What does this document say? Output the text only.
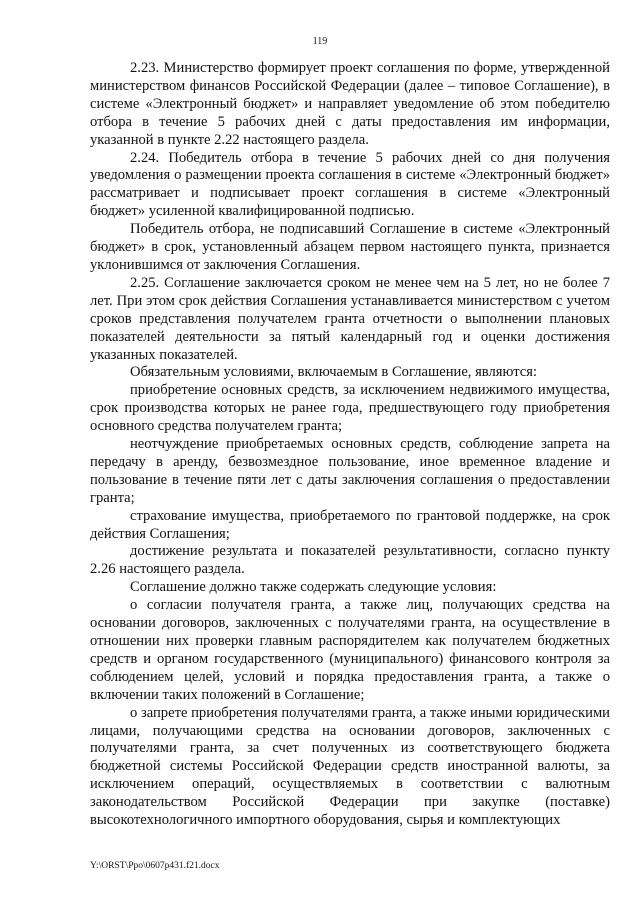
119

2.23. Министерство формирует проект соглашения по форме, утвержденной министерством финансов Российской Федерации (далее – типовое Соглашение), в системе «Электронный бюджет» и направляет уведомление об этом победителю отбора в течение 5 рабочих дней с даты предоставления им информации, указанной в пункте 2.22 настоящего раздела.

2.24. Победитель отбора в течение 5 рабочих дней со дня получения уведомления о размещении проекта соглашения в системе «Электронный бюджет» рассматривает и подписывает проект соглашения в системе «Электронный бюджет» усиленной квалифицированной подписью.

Победитель отбора, не подписавший Соглашение в системе «Электронный бюджет» в срок, установленный абзацем первом настоящего пункта, признается уклонившимся от заключения Соглашения.

2.25. Соглашение заключается сроком не менее чем на 5 лет, но не более 7 лет. При этом срок действия Соглашения устанавливается министерством с учетом сроков представления получателем гранта отчетности о выполнении плановых показателей деятельности за пятый календарный год и оценки достижения указанных показателей.

Обязательным условиями, включаемым в Соглашение, являются:

приобретение основных средств, за исключением недвижимого имущества, срок производства которых не ранее года, предшествующего году приобретения основного средства получателем гранта;

неотчуждение приобретаемых основных средств, соблюдение запрета на передачу в аренду, безвозмездное пользование, иное временное владение и пользование в течение пяти лет с даты заключения соглашения о предоставлении гранта;

страхование имущества, приобретаемого по грантовой поддержке, на срок действия Соглашения;

достижение результата и показателей результативности, согласно пункту 2.26 настоящего раздела.

Соглашение должно также содержать следующие условия:

о согласии получателя гранта, а также лиц, получающих средства на основании договоров, заключенных с получателями гранта, на осуществление в отношении них проверки главным распорядителем как получателем бюджетных средств и органом государственного (муниципального) финансового контроля за соблюдением целей, условий и порядка предоставления гранта, а также о включении таких положений в Соглашение;

о запрете приобретения получателями гранта, а также иными юридическими лицами, получающими средства на основании договоров, заключенных с получателями гранта, за счет полученных из соответствующего бюджета бюджетной системы Российской Федерации средств иностранной валюты, за исключением операций, осуществляемых в соответствии с валютным законодательством Российской Федерации при закупке (поставке) высокотехнологичного импортного оборудования, сырья и комплектующих

Y:\ORST\Ppo\0607p431.f21.docx
